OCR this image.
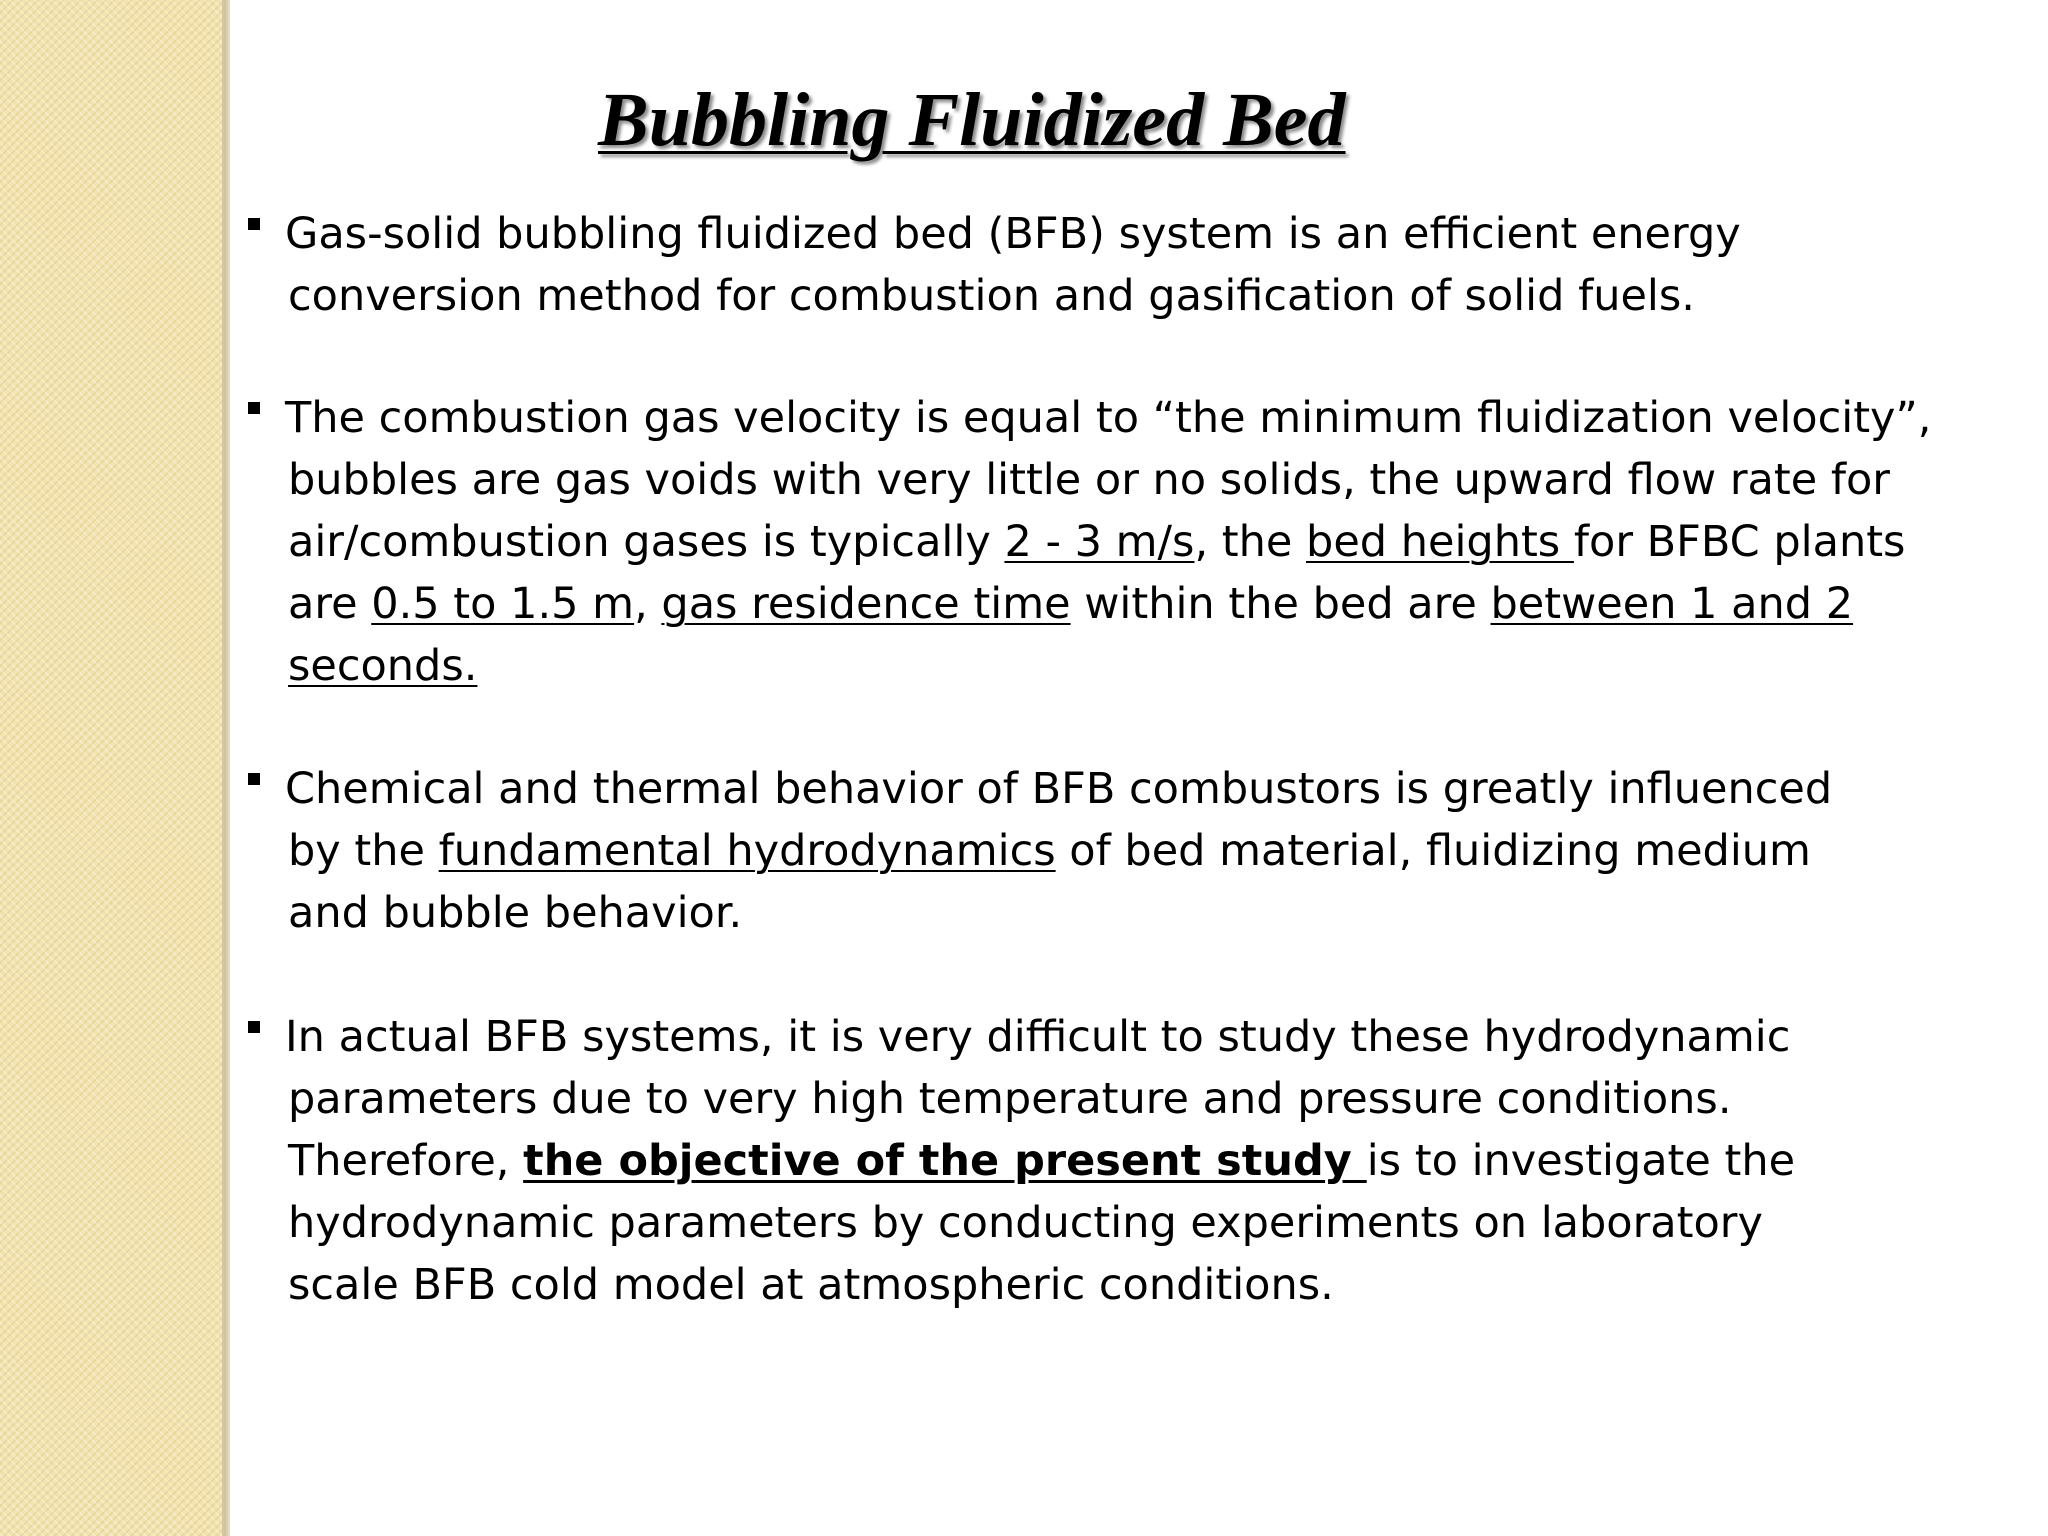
Bubbling Fluidized Bed

Gas-solid bubbling fluidized bed (BFB) system is an efficient energy

conversion method for combustion and gasification of solid fuels.

The combustion gas velocity is equal to “the minimum fluidization velocity”,

bubbles are gas voids with very little or no solids, the upward flow rate for

air/combustion gases is typically 2 - 3 m/s, the bed heights for BFBC plants

are 0.5 to 1.5 m, gas residence time within the bed are between 1 and 2

seconds.

Chemical and thermal behavior of BFB combustors is greatly influenced

by the fundamental hydrodynamics of bed material, fluidizing medium

and bubble behavior.

In actual BFB systems, it is very difficult to study these hydrodynamic

parameters due to very high temperature and pressure conditions.

Therefore, the objective of the present study is to investigate the

hydrodynamic parameters by conducting experiments on laboratory

scale BFB cold model at atmospheric conditions.
